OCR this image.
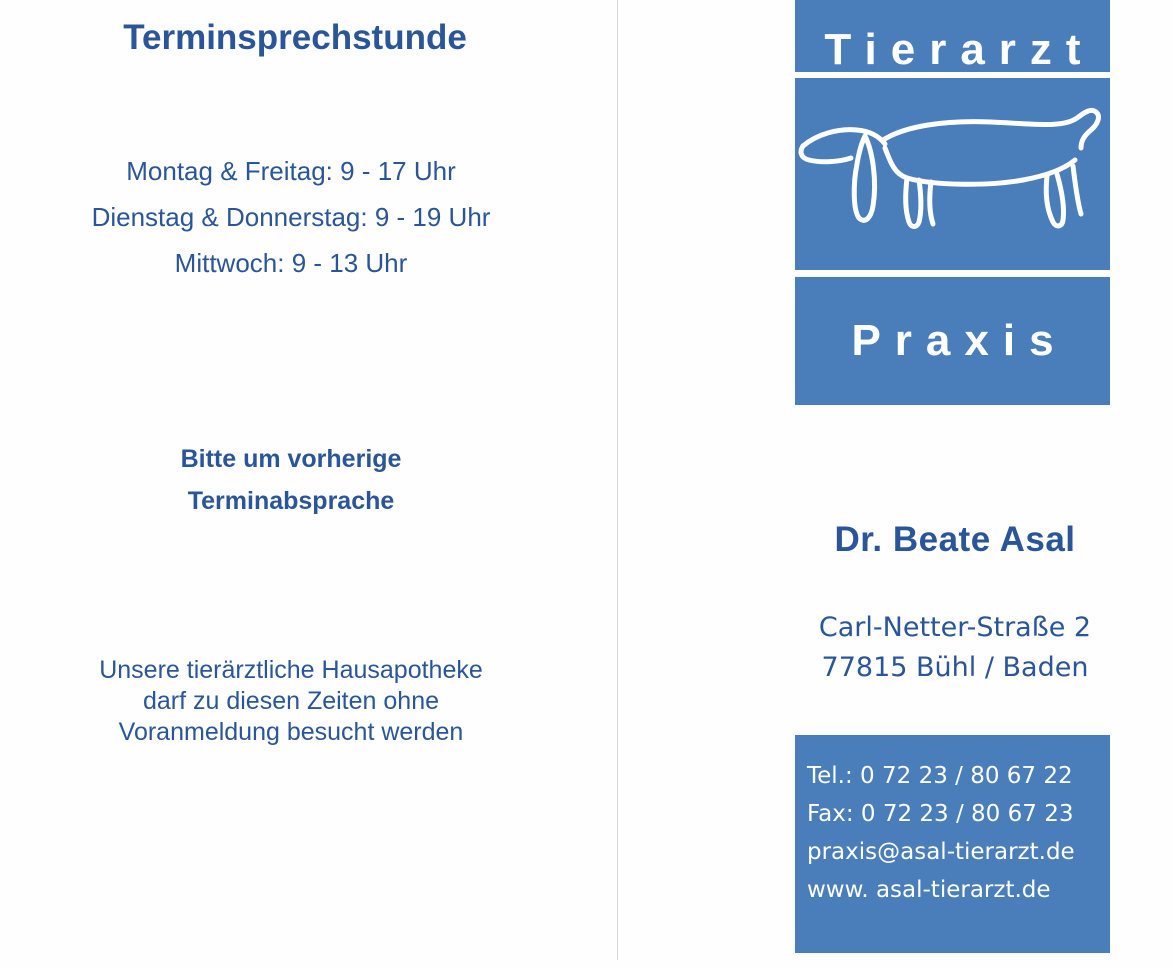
Terminsprechstunde
Montag & Freitag: 9 - 17 Uhr
Dienstag & Donnerstag: 9 - 19 Uhr
Mittwoch: 9 - 13 Uhr
Bitte um vorherige
Terminabsprache
Unsere tierärztliche Hausapotheke
darf zu diesen Zeiten ohne
Voranmeldung besucht werden
Tierarzt
Praxis
Dr. Beate Asal
Carl-Netter-Straße 2
77815 Bühl / Baden
Tel.: 0 72 23 / 80 67 22
Fax: 0 72 23 / 80 67 23
praxis@asal-tierarzt.de
www. asal-tierarzt.de
